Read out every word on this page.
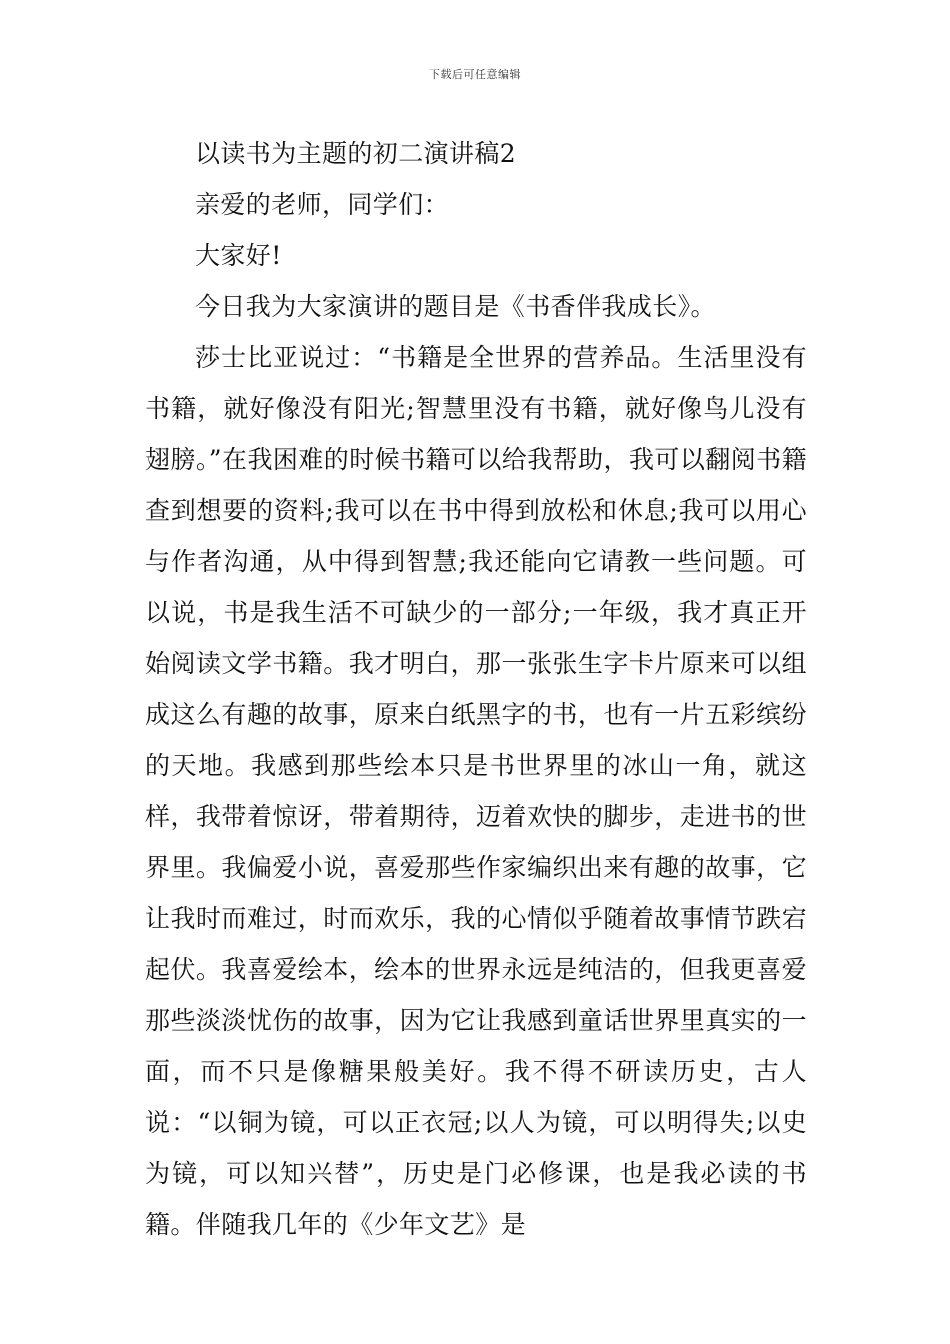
下载后可任意编辑

以读书为主题的初二演讲稿2

亲爱的老师，同学们：

大家好!

今日我为大家演讲的题目是《书香伴我成长》。

莎士比亚说过：“书籍是全世界的营养品。生活里没有书籍，就好像没有阳光;智慧里没有书籍，就好像鸟儿没有翅膀。”在我困难的时候书籍可以给我帮助，我可以翻阅书籍查到想要的资料;我可以在书中得到放松和休息;我可以用心与作者沟通，从中得到智慧;我还能向它请教一些问题。可以说，书是我生活不可缺少的一部分;一年级，我才真正开始阅读文学书籍。我才明白，那一张张生字卡片原来可以组成这么有趣的故事，原来白纸黑字的书，也有一片五彩缤纷的天地。我感到那些绘本只是书世界里的冰山一角，就这样，我带着惊讶，带着期待，迈着欢快的脚步，走进书的世界里。我偏爱小说，喜爱那些作家编织出来有趣的故事，它让我时而难过，时而欢乐，我的心情似乎随着故事情节跌宕起伏。我喜爱绘本，绘本的世界永远是纯洁的，但我更喜爱那些淡淡忧伤的故事，因为它让我感到童话世界里真实的一面，而不只是像糖果般美好。我不得不研读历史，古人说：“以铜为镜，可以正衣冠;以人为镜，可以明得失;以史为镜，可以知兴替”，历史是门必修课，也是我必读的书籍。伴随我几年的《少年文艺》是
